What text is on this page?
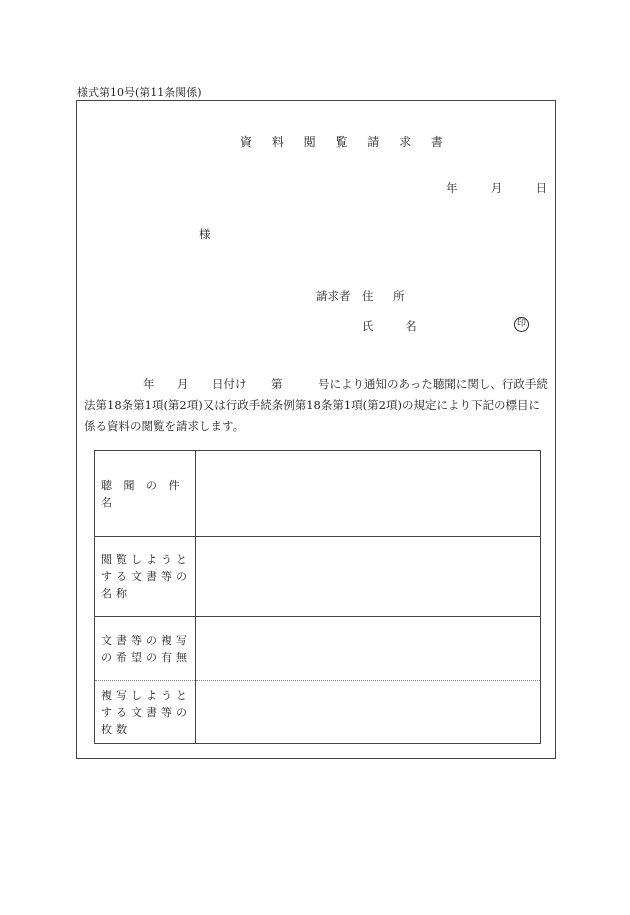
様式第10号(第11条関係)
資 料 閲 覧 請 求 書
年	月	日
様
請求者 住 所
氏 名	印
年 月 日付け 第	号により通知のあった聴聞に関し、行政手続
法第18条第1項(第2項)又は行政手続条例第18条第1項(第2項)の規定により下記の標目に
係る資料の閲覧を請求します。
聴 聞 の 件 名	
閲覧しようとする文書等の名称	
文書等の複写の希望の有無	
複写しようとする文書等の枚数	
